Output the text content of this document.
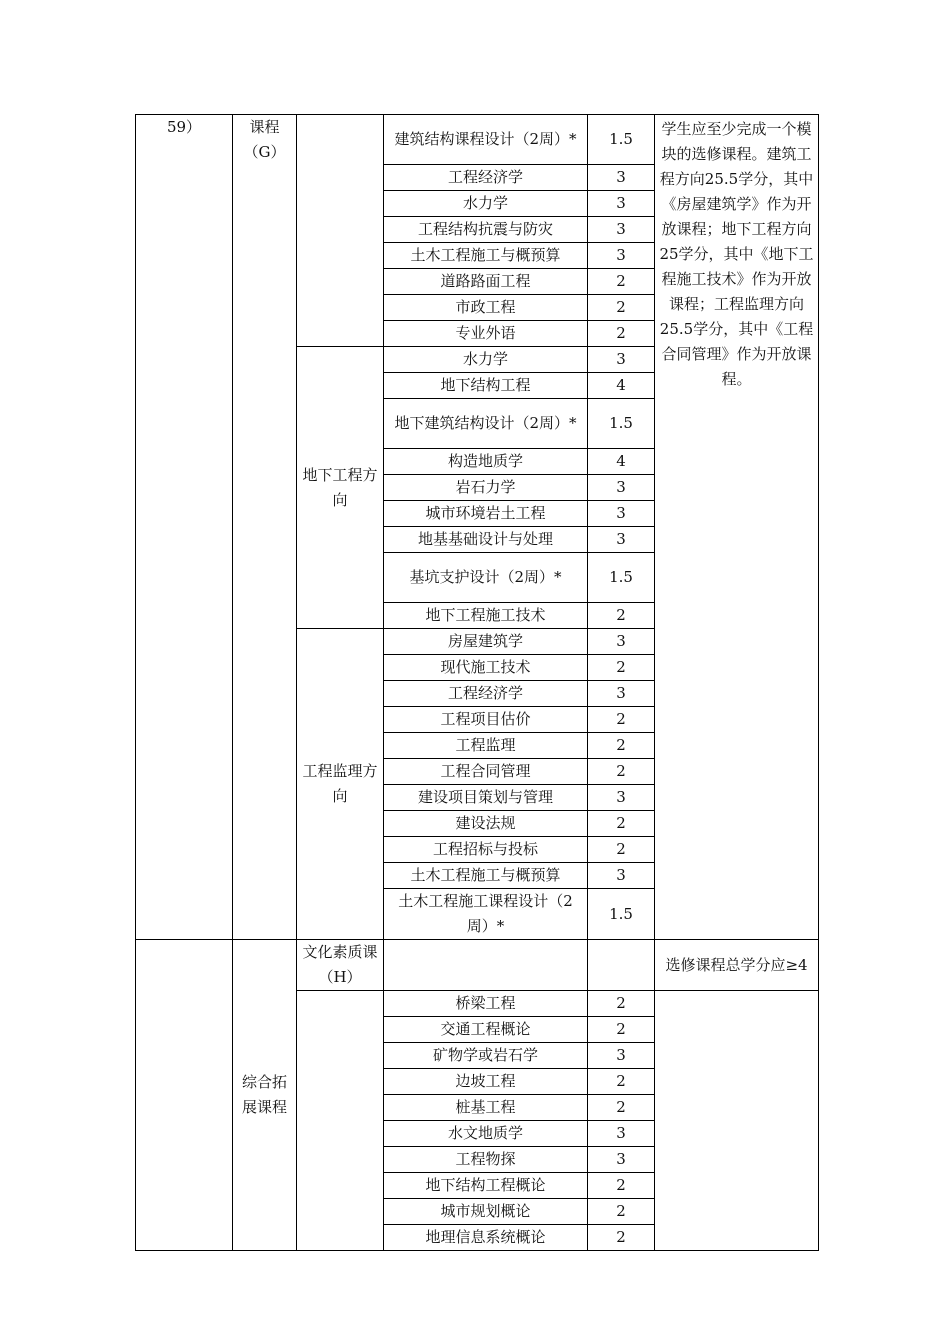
59）	课程（G）		建筑结构课程设计（2周）*	1.5	学生应至少完成一个模块的选修课程。建筑工程方向25.5学分，其中《房屋建筑学》作为开放课程；地下工程方向25学分，其中《地下工程施工技术》作为开放课程；工程监理方向25.5学分，其中《工程合同管理》作为开放课程。
			工程经济学	3	
			水力学	3	
			工程结构抗震与防灾	3	
			土木工程施工与概预算	3	
			道路路面工程	2	
			市政工程	2	
			专业外语	2	
		地下工程方向	水力学	3	
			地下结构工程	4	
			地下建筑结构设计（2周）*	1.5	
			构造地质学	4	
			岩石力学	3	
			城市环境岩土工程	3	
			地基基础设计与处理	3	
			基坑支护设计（2周）*	1.5	
			地下工程施工技术	2	
		工程监理方向	房屋建筑学	3	
			现代施工技术	2	
			工程经济学	3	
			工程项目估价	2	
			工程监理	2	
			工程合同管理	2	
			建设项目策划与管理	3	
			建设法规	2	
			工程招标与投标	2	
			土木工程施工与概预算	3	
			土木工程施工课程设计（2周）*	1.5	
	综合拓展课程	文化素质课（H）			选修课程总学分应≥4
			桥梁工程	2	
			交通工程概论	2	
			矿物学或岩石学	3	
			边坡工程	2	
			桩基工程	2	
			水文地质学	3	
			工程物探	3	
			地下结构工程概论	2	
			城市规划概论	2	
			地理信息系统概论	2	
